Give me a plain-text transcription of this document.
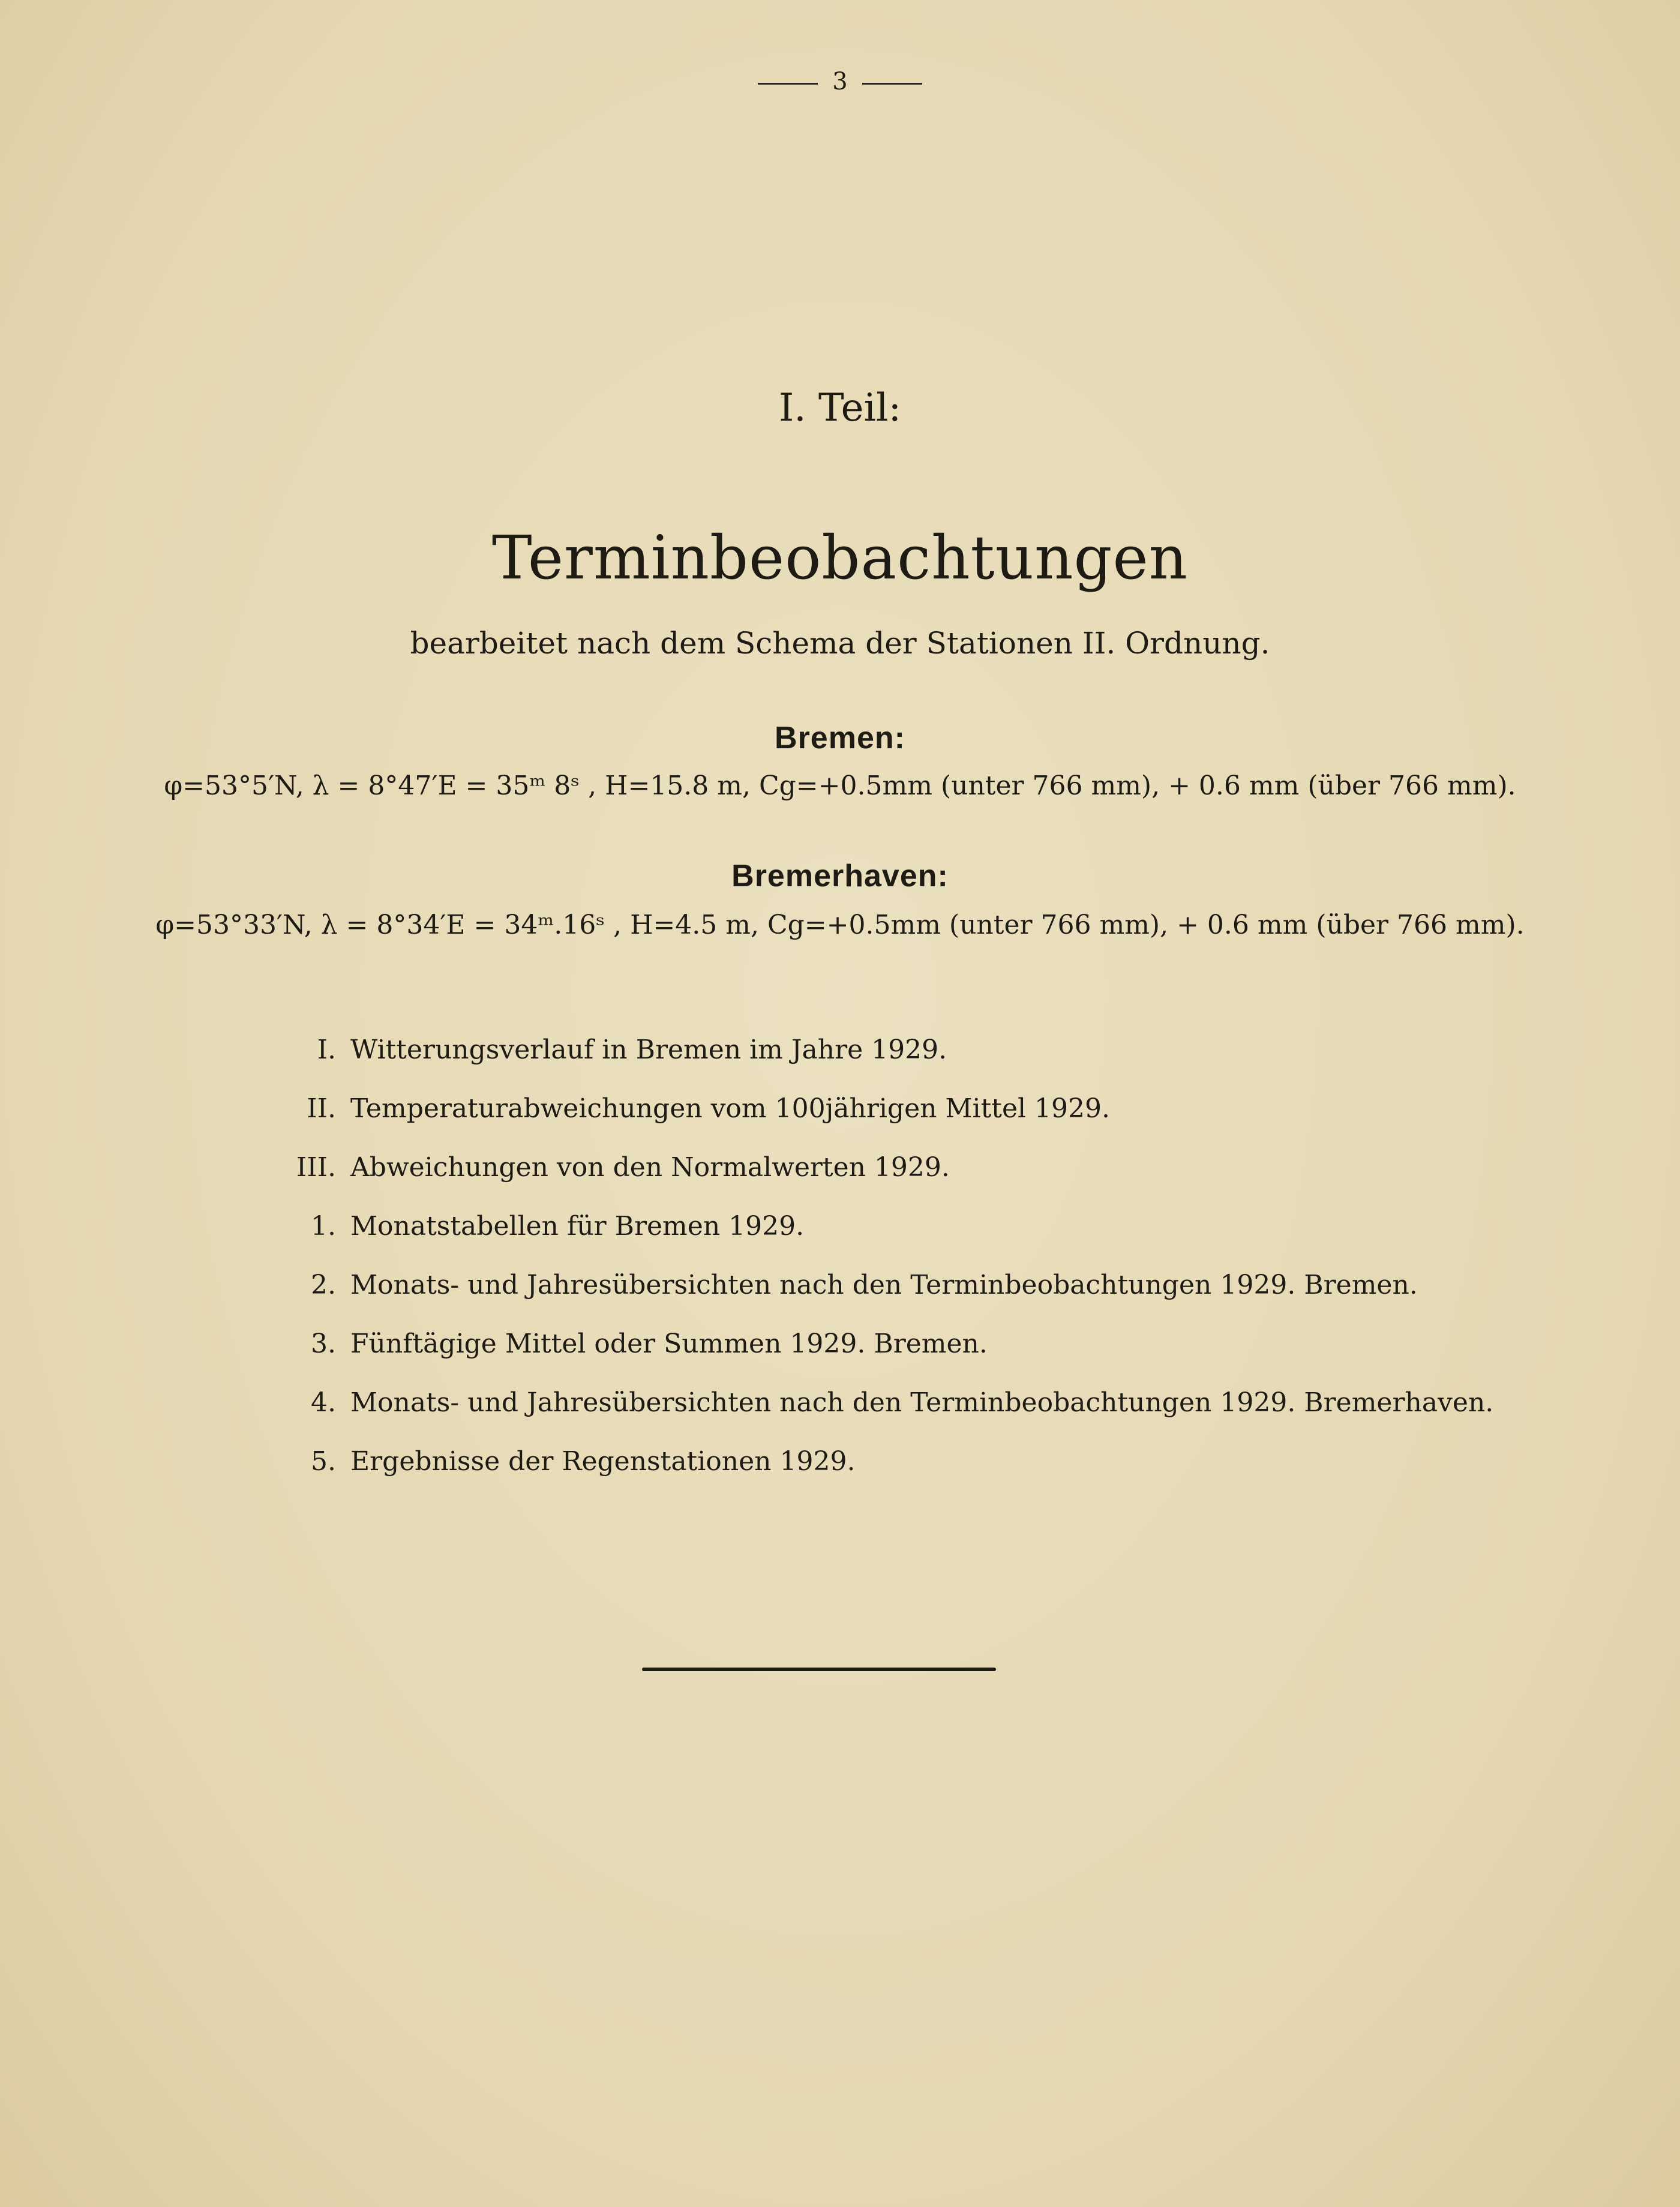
3
I. Teil:
Terminbeobachtungen
bearbeitet nach dem Schema der Stationen II. Ordnung.
Bremen:
φ=53°5′N, λ = 8°47′E = 35ᵐ 8ˢ , H=15.8 m, Cg=+0.5mm (unter 766 mm), + 0.6 mm (über 766 mm).
Bremerhaven:
φ=53°33′N, λ = 8°34′E = 34ᵐ.16ˢ , H=4.5 m, Cg=+0.5mm (unter 766 mm), + 0.6 mm (über 766 mm).
I. Witterungsverlauf in Bremen im Jahre 1929.
II. Temperaturabweichungen vom 100jährigen Mittel 1929.
III. Abweichungen von den Normalwerten 1929.
1. Monatstabellen für Bremen 1929.
2. Monats- und Jahresübersichten nach den Terminbeobachtungen 1929. Bremen.
3. Fünftägige Mittel oder Summen 1929. Bremen.
4. Monats- und Jahresübersichten nach den Terminbeobachtungen 1929. Bremerhaven.
5. Ergebnisse der Regenstationen 1929.
